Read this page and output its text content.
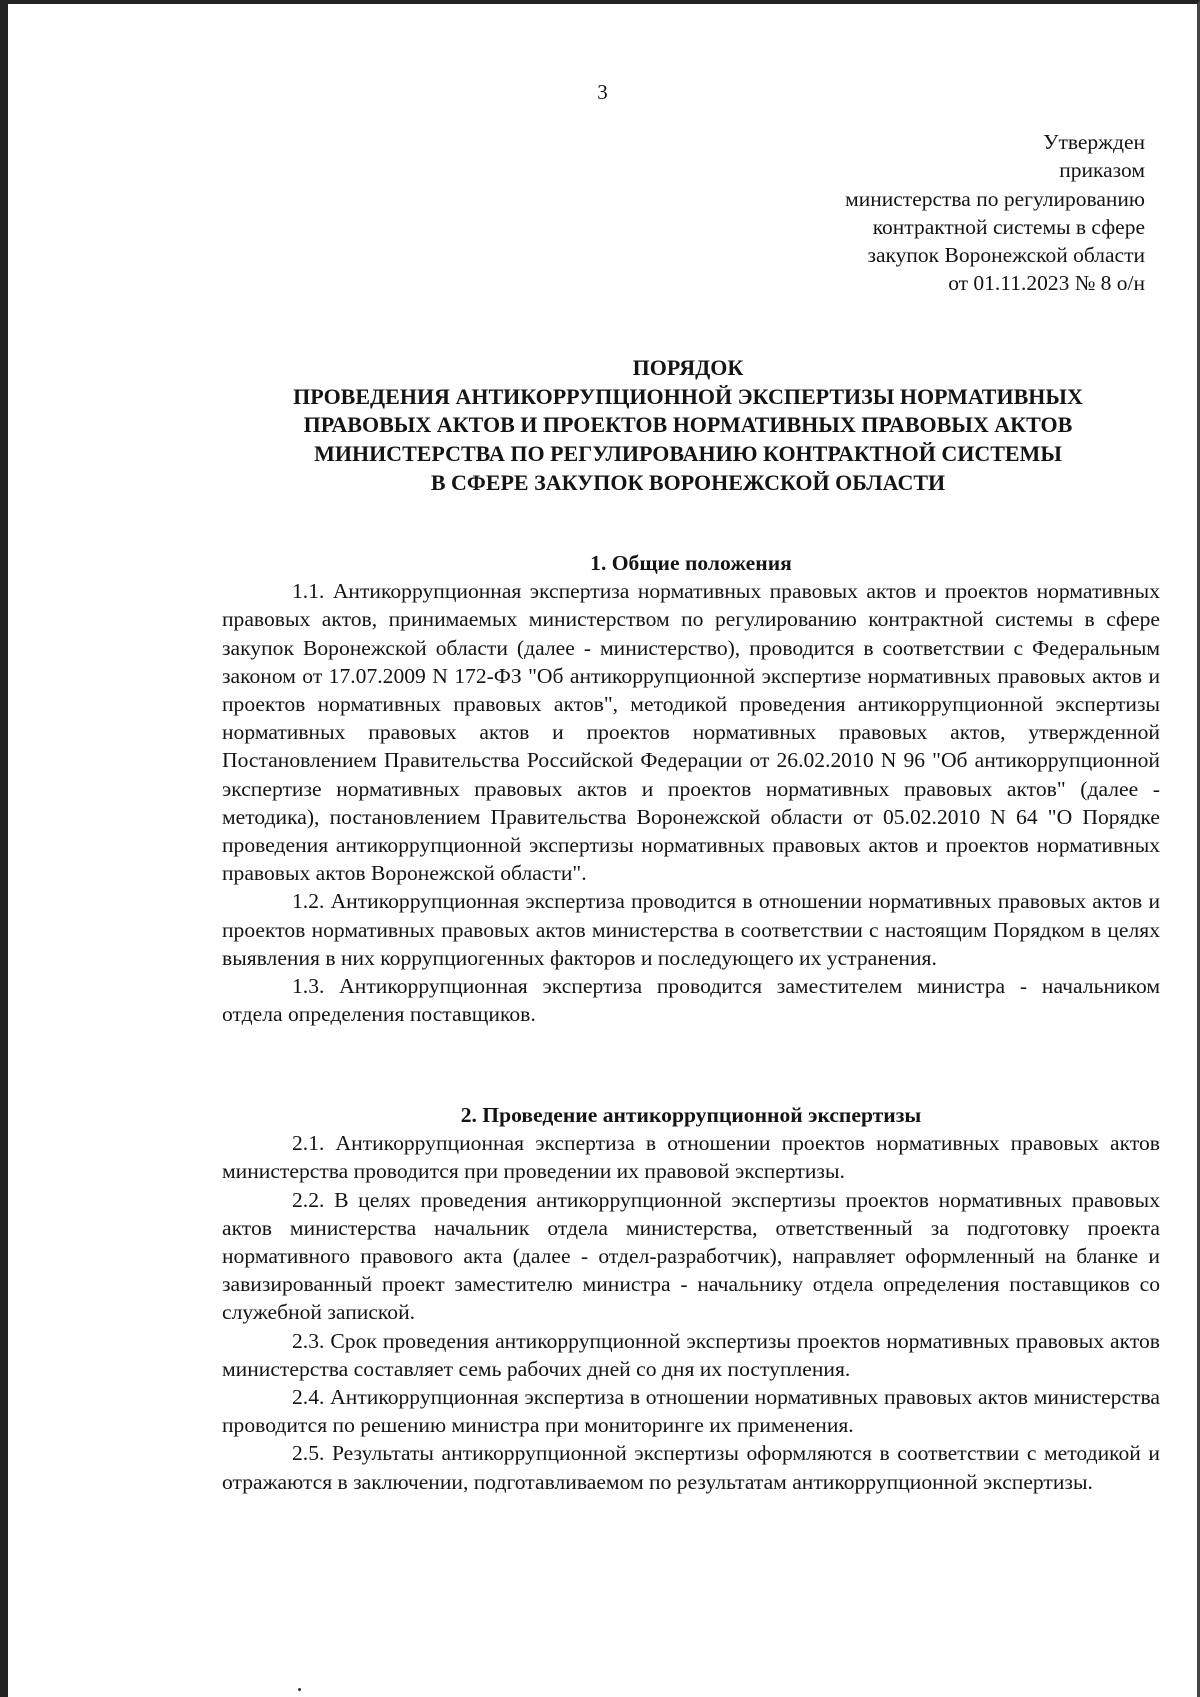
3
Утвержден
приказом
министерства по регулированию
контрактной системы в сфере
закупок Воронежской области
от 01.11.2023 № 8 о/н
ПОРЯДОК
ПРОВЕДЕНИЯ АНТИКОРРУПЦИОННОЙ ЭКСПЕРТИЗЫ НОРМАТИВНЫХ
ПРАВОВЫХ АКТОВ И ПРОЕКТОВ НОРМАТИВНЫХ ПРАВОВЫХ АКТОВ
МИНИСТЕРСТВА ПО РЕГУЛИРОВАНИЮ КОНТРАКТНОЙ СИСТЕМЫ
В СФЕРЕ ЗАКУПОК ВОРОНЕЖСКОЙ ОБЛАСТИ

1. Общие положения

1.1. Антикоррупционная экспертиза нормативных правовых актов и проектов нормативных правовых актов, принимаемых министерством по регулированию контрактной системы в сфере закупок Воронежской области (далее - министерство), проводится в соответствии с Федеральным законом от 17.07.2009 N 172-ФЗ "Об антикоррупционной экспертизе нормативных правовых актов и проектов нормативных правовых актов", методикой проведения антикоррупционной экспертизы нормативных правовых актов и проектов нормативных правовых актов, утвержденной Постановлением Правительства Российской Федерации от 26.02.2010 N 96 "Об антикоррупционной экспертизе нормативных правовых актов и проектов нормативных правовых актов" (далее - методика), постановлением Правительства Воронежской области от 05.02.2010 N 64 "О Порядке проведения антикоррупционной экспертизы нормативных правовых актов и проектов нормативных правовых актов Воронежской области".

1.2. Антикоррупционная экспертиза проводится в отношении нормативных правовых актов и проектов нормативных правовых актов министерства в соответствии с настоящим Порядком в целях выявления в них коррупциогенных факторов и последующего их устранения.

1.3. Антикоррупционная экспертиза проводится заместителем министра - начальником отдела определения поставщиков.

2. Проведение антикоррупционной экспертизы

2.1. Антикоррупционная экспертиза в отношении проектов нормативных правовых актов министерства проводится при проведении их правовой экспертизы.

2.2. В целях проведения антикоррупционной экспертизы проектов нормативных правовых актов министерства начальник отдела министерства, ответственный за подготовку проекта нормативного правового акта (далее - отдел-разработчик), направляет оформленный на бланке и завизированный проект заместителю министра - начальнику отдела определения поставщиков со служебной запиской.

2.3. Срок проведения антикоррупционной экспертизы проектов нормативных правовых актов министерства составляет семь рабочих дней со дня их поступления.

2.4. Антикоррупционная экспертиза в отношении нормативных правовых актов министерства проводится по решению министра при мониторинге их применения.

2.5. Результаты антикоррупционной экспертизы оформляются в соответствии с методикой и отражаются в заключении, подготавливаемом по результатам антикоррупционной экспертизы.
